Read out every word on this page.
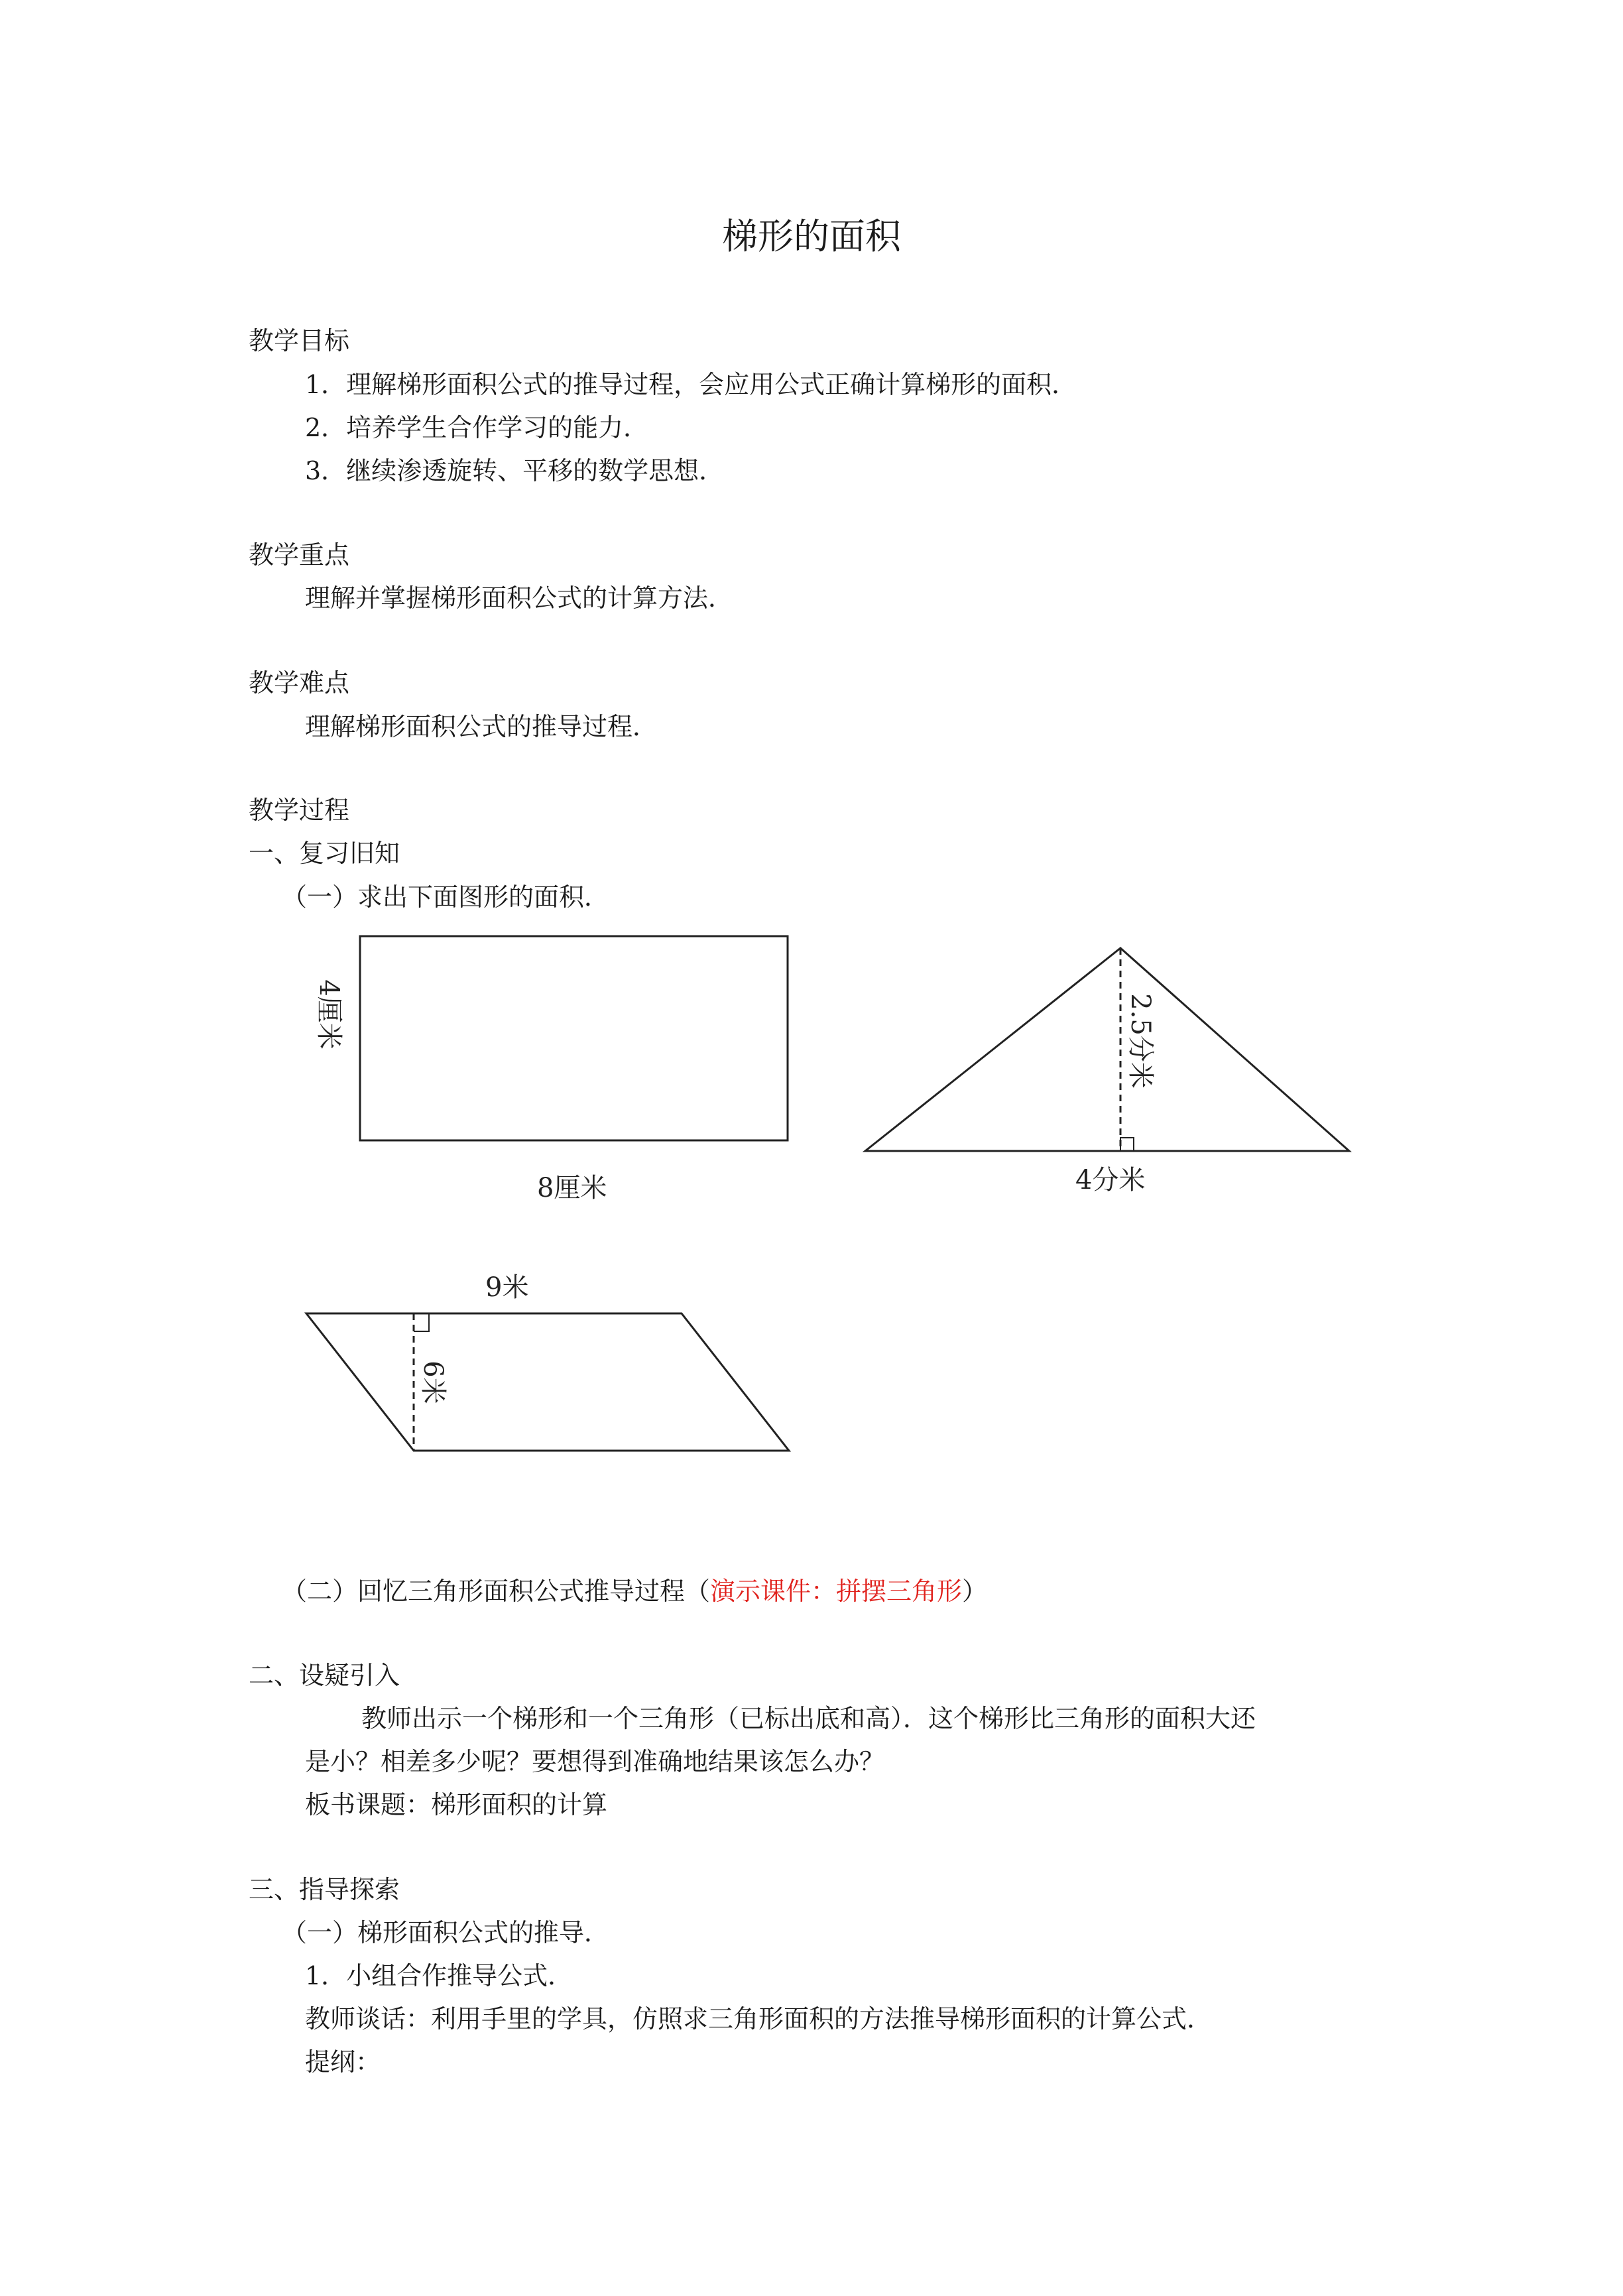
梯形的面积
教学目标
1．理解梯形面积公式的推导过程，会应用公式正确计算梯形的面积．
2．培养学生合作学习的能力．
3．继续渗透旋转、平移的数学思想．
教学重点
理解并掌握梯形面积公式的计算方法．
教学难点
理解梯形面积公式的推导过程．
教学过程
一、复习旧知
（一）求出下面图形的面积．
4厘米
8厘米
2.5分米
4分米
9米
6米
（二）回忆三角形面积公式推导过程（演示课件：拼摆三角形）
二、设疑引入
教师出示一个梯形和一个三角形（已标出底和高）．这个梯形比三角形的面积大还
是小？相差多少呢？要想得到准确地结果该怎么办？
板书课题：梯形面积的计算
三、指导探索
（一）梯形面积公式的推导．
1．小组合作推导公式．
教师谈话：利用手里的学具，仿照求三角形面积的方法推导梯形面积的计算公式．
提纲：
